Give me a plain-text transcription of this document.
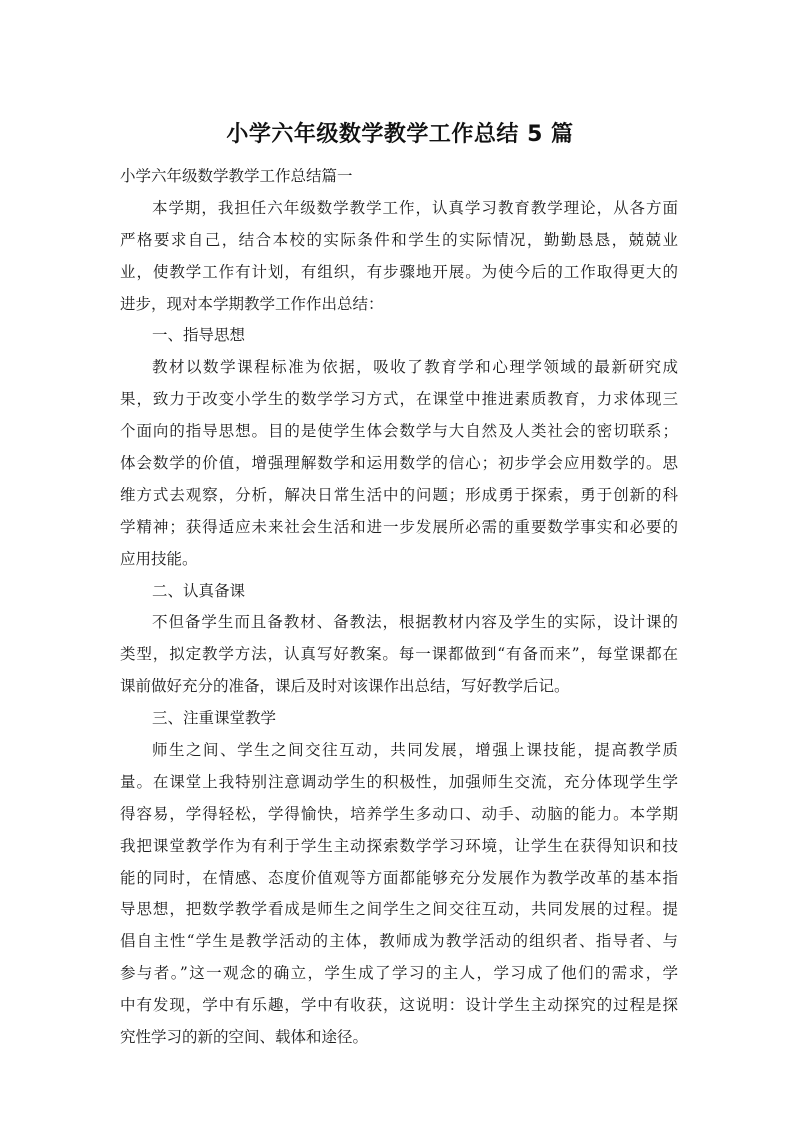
小学六年级数学教学工作总结 5 篇
小学六年级数学教学工作总结篇一
本学期，我担任六年级数学教学工作，认真学习教育教学理论，从各方面
严格要求自己，结合本校的实际条件和学生的实际情况，勤勤恳恳，兢兢业
业，使教学工作有计划，有组织，有步骤地开展。为使今后的工作取得更大的
进步，现对本学期教学工作作出总结：
一、指导思想
教材以数学课程标准为依据，吸收了教育学和心理学领域的最新研究成
果，致力于改变小学生的数学学习方式，在课堂中推进素质教育，力求体现三
个面向的指导思想。目的是使学生体会数学与大自然及人类社会的密切联系；
体会数学的价值，增强理解数学和运用数学的信心；初步学会应用数学的。思
维方式去观察，分析，解决日常生活中的问题；形成勇于探索，勇于创新的科
学精神；获得适应未来社会生活和进一步发展所必需的重要数学事实和必要的
应用技能。
二、认真备课
不但备学生而且备教材、备教法，根据教材内容及学生的实际，设计课的
类型，拟定教学方法，认真写好教案。每一课都做到“有备而来”，每堂课都在
课前做好充分的准备，课后及时对该课作出总结，写好教学后记。
三、注重课堂教学
师生之间、学生之间交往互动，共同发展，增强上课技能，提高教学质
量。在课堂上我特别注意调动学生的积极性，加强师生交流，充分体现学生学
得容易，学得轻松，学得愉快，培养学生多动口、动手、动脑的能力。本学期
我把课堂教学作为有利于学生主动探索数学学习环境，让学生在获得知识和技
能的同时，在情感、态度价值观等方面都能够充分发展作为教学改革的基本指
导思想，把数学教学看成是师生之间学生之间交往互动，共同发展的过程。提
倡自主性“学生是教学活动的主体，教师成为教学活动的组织者、指导者、与
参与者。”这一观念的确立，学生成了学习的主人，学习成了他们的需求，学
中有发现，学中有乐趣，学中有收获，这说明：设计学生主动探究的过程是探
究性学习的新的空间、载体和途径。
